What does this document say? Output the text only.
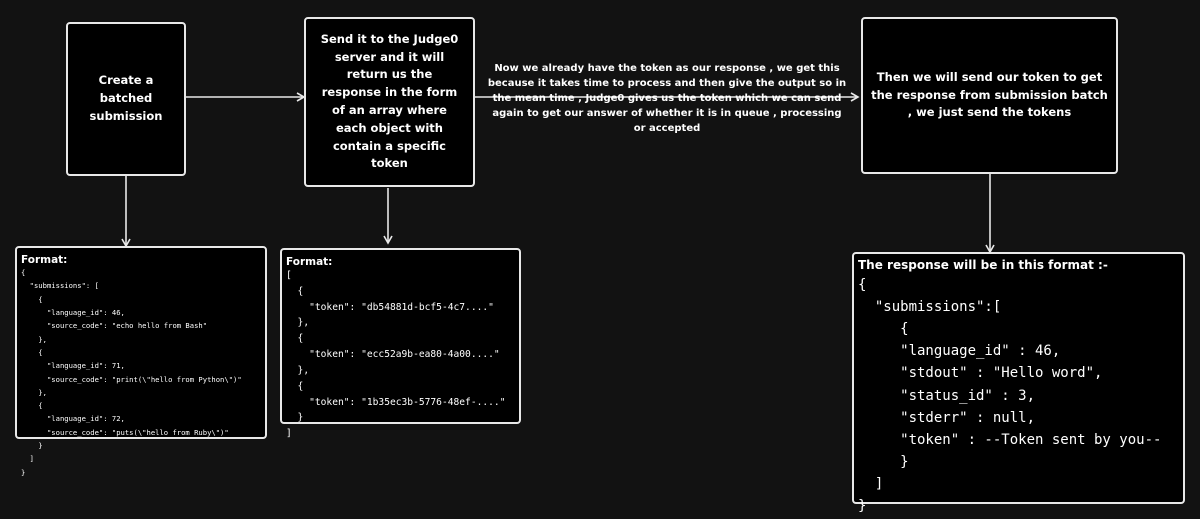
Create a batched submission
Send it to the Judge0 server and it will return us the response in the form of an array where each object with contain a specific token
Now we already have the token as our response , we get this because it takes time to process and then give the output so in the mean time , Judge0 gives us the token which we can send again to get our answer of whether it is in queue , processing or accepted
Then we will send our token to get the response from submission batch , we just send the tokens
Format:
{
"submissions": [
{
"language_id": 46,
"source_code": "echo hello from Bash"
},
{
"language_id": 71,
"source_code": "print(\"hello from Python\")"
},
{
"language_id": 72,
"source_code": "puts(\"hello from Ruby\")"
}
]
}
Format:
[
{
"token": "db54881d-bcf5-4c7...."
},
{
"token": "ecc52a9b-ea80-4a00...."
},
{
"token": "1b35ec3b-5776-48ef-...."
}
]
The response will be in this format :-
{
"submissions":[
{
"language_id" : 46,
"stdout" : "Hello word",
"status_id" : 3,
"stderr" : null,
"token" : --Token sent by you--
}
]
}
